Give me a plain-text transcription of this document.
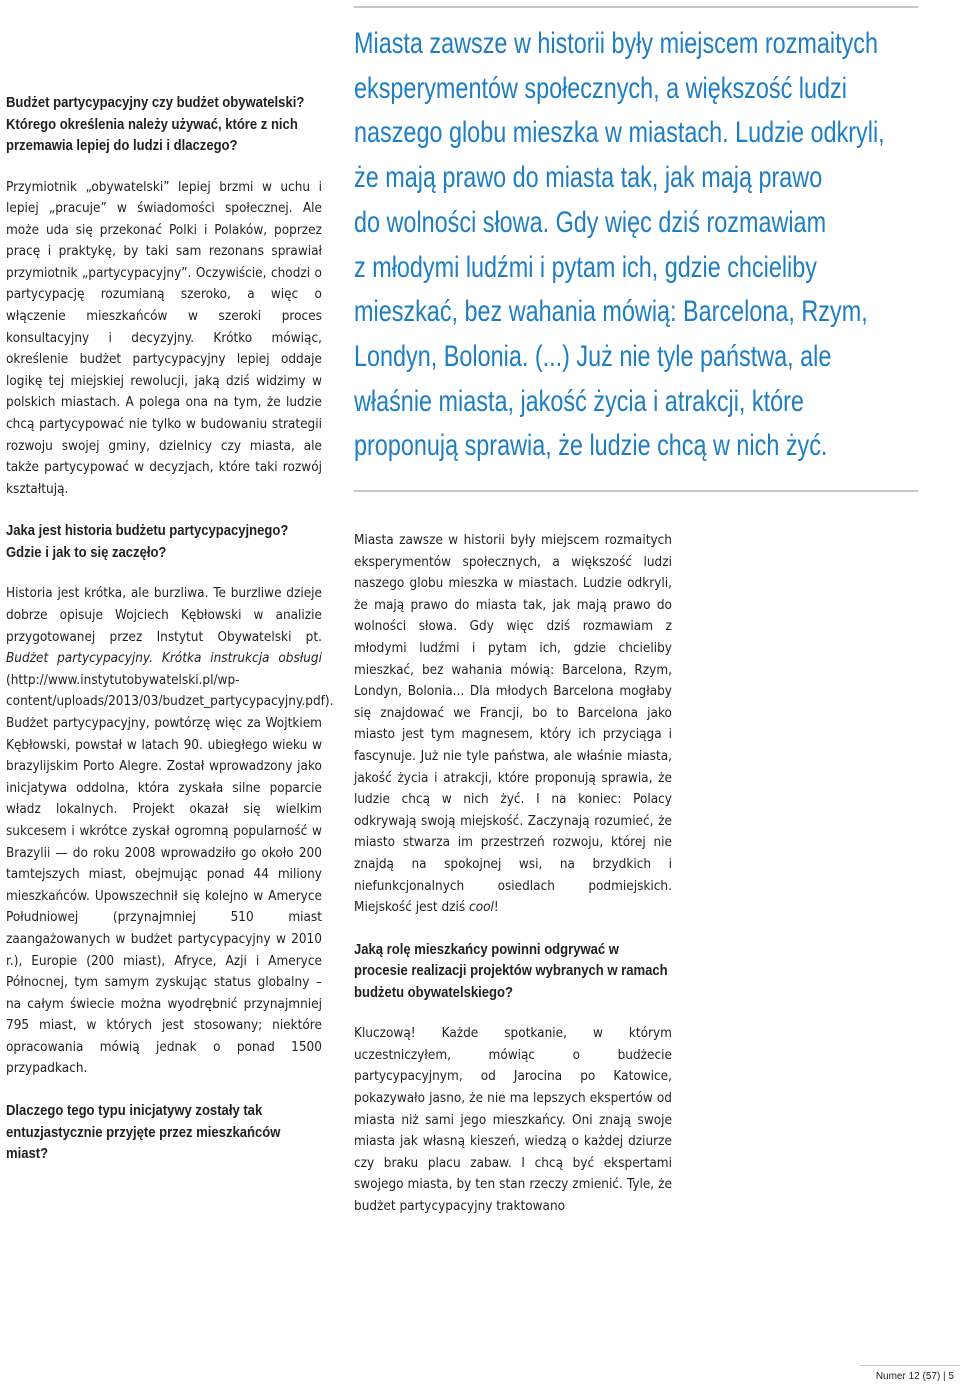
Miasta zawsze w historii były miejscem rozmaitych
eksperymentów społecznych, a większość ludzi
naszego globu mieszka w miastach. Ludzie odkryli,
że mają prawo do miasta tak, jak mają prawo
do wolności słowa. Gdy więc dziś rozmawiam
z młodymi ludźmi i pytam ich, gdzie chcieliby
mieszkać, bez wahania mówią: Barcelona, Rzym,
Londyn, Bolonia. (...) Już nie tyle państwa, ale
właśnie miasta, jakość życia i atrakcji, które
proponują sprawia, że ludzie chcą w nich żyć.

Budżet partycypacyjny czy budżet obywatelski? Którego określenia należy używać, które z nich przemawia lepiej do ludzi i dlaczego?

Przymiotnik „obywatelski” lepiej brzmi w uchu i lepiej „pracuje” w świadomości społecznej. Ale może uda się przekonać Polki i Polaków, poprzez pracę i praktykę, by taki sam rezonans sprawiał przymiotnik „partycypacyjny”. Oczywiście, chodzi o partycypację rozumianą szeroko, a więc o włączenie mieszkańców w szeroki proces konsultacyjny i decyzyjny. Krótko mówiąc, określenie budżet partycypacyjny lepiej oddaje logikę tej miejskiej rewolucji, jaką dziś widzimy w polskich miastach. A polega ona na tym, że ludzie chcą partycypować nie tylko w budowaniu strategii rozwoju swojej gminy, dzielnicy czy miasta, ale także partycypować w decyzjach, które taki rozwój kształtują.

Jaka jest historia budżetu partycypacyjnego? Gdzie i jak to się zaczęło?

Historia jest krótka, ale burzliwa. Te burzliwe dzieje dobrze opisuje Wojciech Kębłowski w analizie przygotowanej przez Instytut Obywatelski pt. Budżet partycypacyjny. Krótka instrukcja obsługi (http://www.instytutobywatelski.pl/wp-content/uploads/2013/03/budzet_partycypacyjny.pdf). Budżet partycypacyjny, powtórzę więc za Wojtkiem Kębłowski, powstał w latach 90. ubiegłego wieku w brazylijskim Porto Alegre. Został wprowadzony jako inicjatywa oddolna, która zyskała silne poparcie władz lokalnych. Projekt okazał się wielkim sukcesem i wkrótce zyskał ogromną popularność w Brazylii — do roku 2008 wprowadziło go około 200 tamtejszych miast, obejmując ponad 44 miliony mieszkańców. Upowszechnił się kolejno w Ameryce Południowej (przynajmniej 510 miast zaangażowanych w budżet partycypacyjny w 2010 r.), Europie (200 miast), Afryce, Azji i Ameryce Północnej, tym samym zyskując status globalny – na całym świecie można wyodrębnić przynajmniej 795 miast, w których jest stosowany; niektóre opracowania mówią jednak o ponad 1500 przypadkach.

Dlaczego tego typu inicjatywy zostały tak entuzjastycznie przyjęte przez mieszkańców miast?

Miasta zawsze w historii były miejscem rozmaitych eksperymentów społecznych, a większość ludzi naszego globu mieszka w miastach. Ludzie odkryli, że mają prawo do miasta tak, jak mają prawo do wolności słowa. Gdy więc dziś rozmawiam z młodymi ludźmi i pytam ich, gdzie chcieliby mieszkać, bez wahania mówią: Barcelona, Rzym, Londyn, Bolonia... Dla młodych Barcelona mogłaby się znajdować we Francji, bo to Barcelona jako miasto jest tym magnesem, który ich przyciąga i fascynuje. Już nie tyle państwa, ale właśnie miasta, jakość życia i atrakcji, które proponują sprawia, że ludzie chcą w nich żyć. I na koniec: Polacy odkrywają swoją miejskość. Zaczynają rozumieć, że miasto stwarza im przestrzeń rozwoju, której nie znajdą na spokojnej wsi, na brzydkich i niefunkcjonalnych osiedlach podmiejskich. Miejskość jest dziś cool!

Jaką rolę mieszkańcy powinni odgrywać w procesie realizacji projektów wybranych w ramach budżetu obywatelskiego?

Kluczową! Każde spotkanie, w którym uczestniczyłem, mówiąc o budżecie partycypacyjnym, od Jarocina po Katowice, pokazywało jasno, że nie ma lepszych ekspertów od miasta niż sami jego mieszkańcy. Oni znają swoje miasta jak własną kieszeń, wiedzą o każdej dziurze czy braku placu zabaw. I chcą być ekspertami swojego miasta, by ten stan rzeczy zmienić. Tyle, że budżet partycypacyjny traktowano

Numer 12 (57) | 5
